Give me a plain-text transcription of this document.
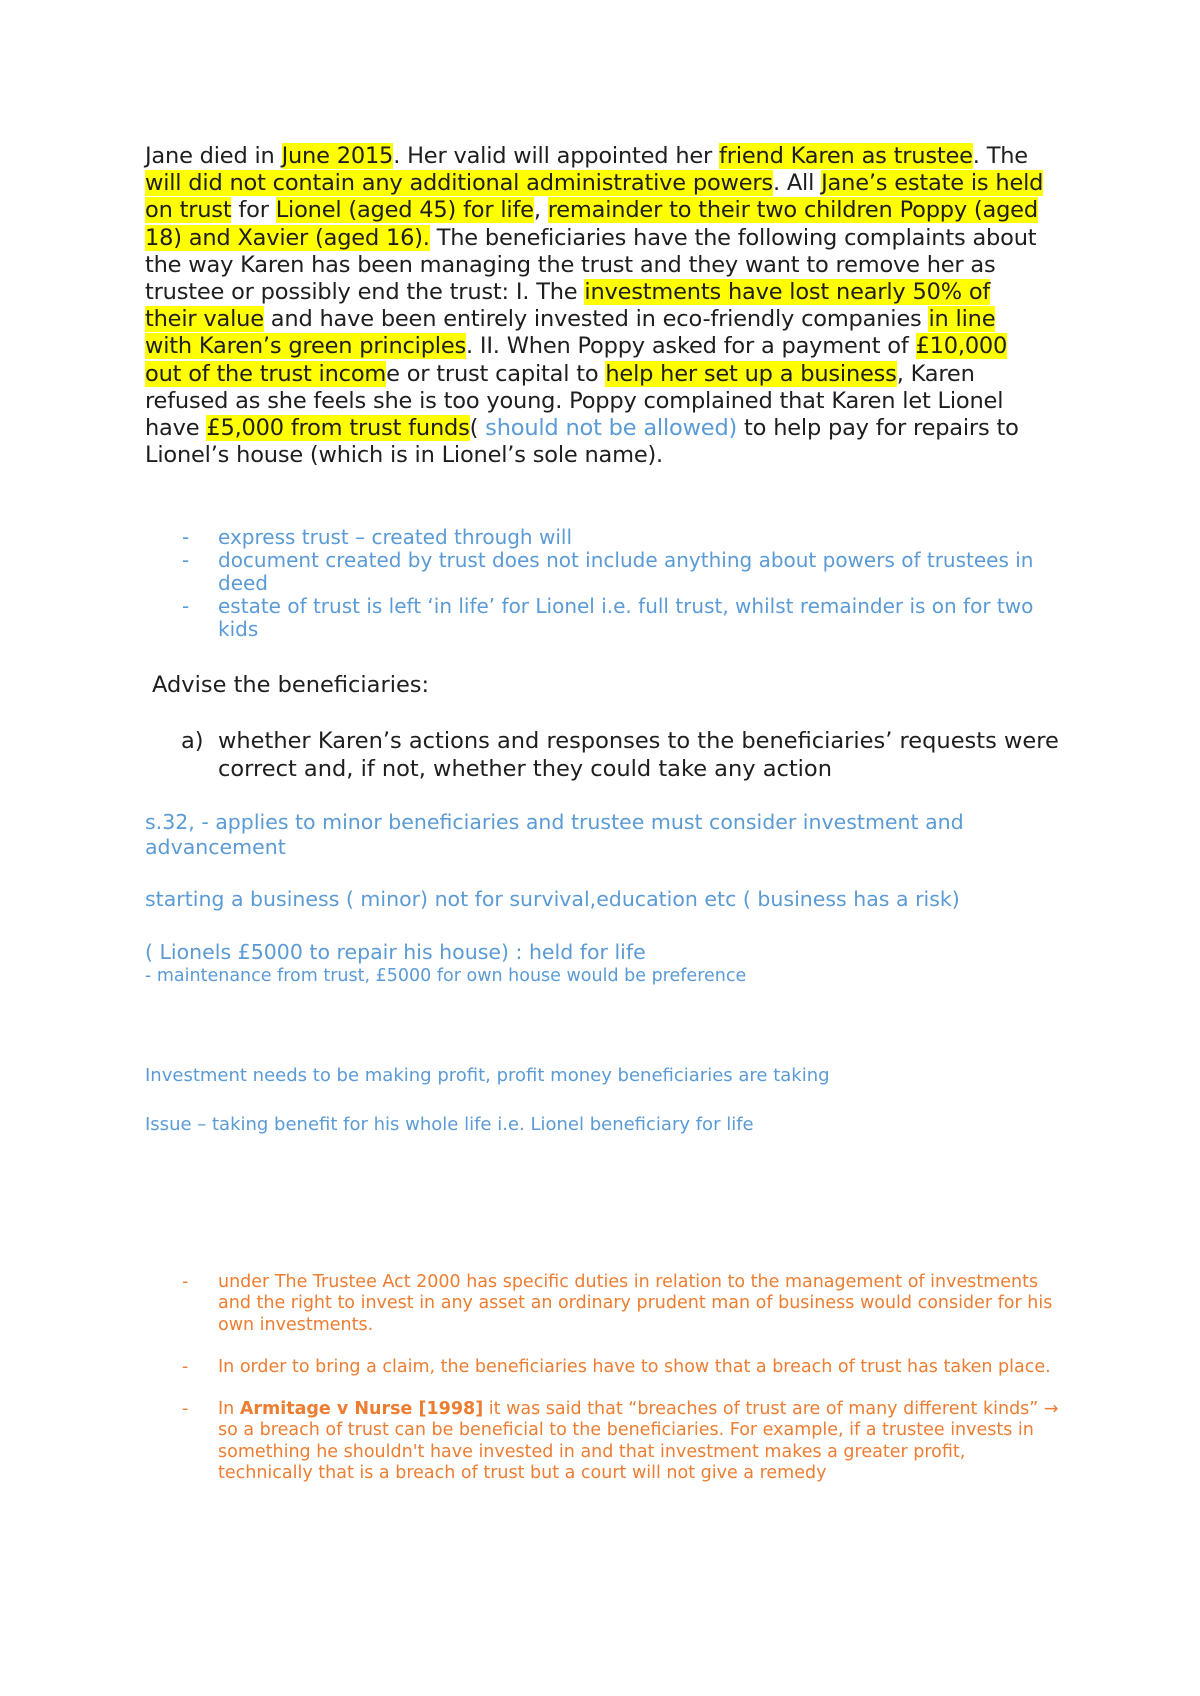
Jane died in June 2015. Her valid will appointed her friend Karen as trustee. The will did not contain any additional administrative powers. All Jane’s estate is held on trust for Lionel (aged 45) for life, remainder to their two children Poppy (aged 18) and Xavier (aged 16). The beneficiaries have the following complaints about the way Karen has been managing the trust and they want to remove her as trustee or possibly end the trust: I. The investments have lost nearly 50% of their value and have been entirely invested in eco-friendly companies in line with Karen’s green principles. II. When Poppy asked for a payment of £10,000 out of the trust income or trust capital to help her set up a business, Karen refused as she feels she is too young. Poppy complained that Karen let Lionel have £5,000 from trust funds( should not be allowed) to help pay for repairs to Lionel’s house (which is in Lionel’s sole name).
- express trust – created through will
- document created by trust does not include anything about powers of trustees in deed
- estate of trust is left ‘in life’ for Lionel i.e. full trust, whilst remainder is on for two kids
Advise the beneficiaries:
a) whether Karen’s actions and responses to the beneficiaries’ requests were correct and, if not, whether they could take any action
s.32, - applies to minor beneficiaries and trustee must consider investment and advancement
starting a business ( minor) not for survival,education etc ( business has a risk)
( Lionels £5000 to repair his house) : held for life
- maintenance from trust, £5000 for own house would be preference
Investment needs to be making profit, profit money beneficiaries are taking
Issue – taking benefit for his whole life i.e. Lionel beneficiary for life
- under The Trustee Act 2000 has specific duties in relation to the management of investments and the right to invest in any asset an ordinary prudent man of business would consider for his own investments.
- In order to bring a claim, the beneficiaries have to show that a breach of trust has taken place.
- In Armitage v Nurse [1998] it was said that “breaches of trust are of many different kinds” → so a breach of trust can be beneficial to the beneficiaries. For example, if a trustee invests in something he shouldn't have invested in and that investment makes a greater profit, technically that is a breach of trust but a court will not give a remedy
